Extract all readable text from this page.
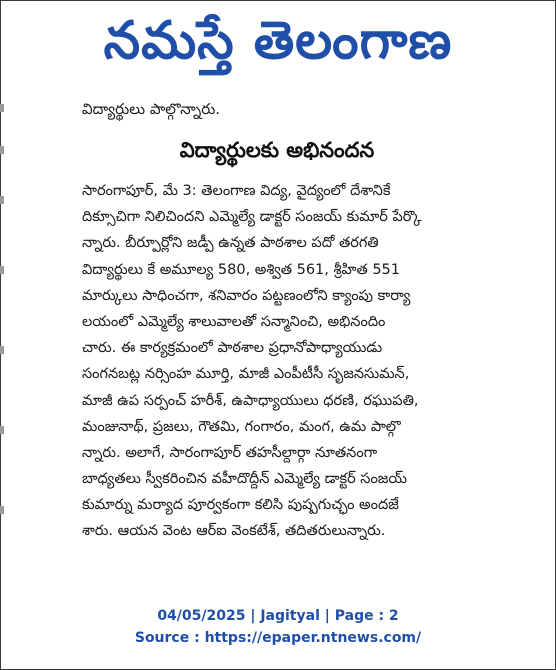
నమస్తే తెలంగాణ
విద్యార్థులు పాల్గొన్నారు.
విద్యార్థులకు అభినందన
సారంగాపూర్, మే 3: తెలంగాణ విద్య, వైద్యంలో దేశానికే
దిక్సూచిగా నిలిచిందని ఎమ్మెల్యే డాక్టర్ సంజయ్ కుమార్ పేర్కొ
న్నారు. బీర్పూర్లోని జడ్పీ ఉన్నత పాఠశాల పదో తరగతి
విద్యార్థులు కే అమూల్య 580, అశ్విత 561, శ్రీహిత 551
మార్కులు సాధించగా, శనివారం పట్టణంలోని క్యాంపు కార్యా
లయంలో ఎమ్మెల్యే శాలువాలతో సన్మానించి, అభినందిం
చారు. ఈ కార్యక్రమంలో పాఠశాల ప్రధానోపాధ్యాయుడు
సంగనబట్ల నర్సింహ మూర్తి, మాజీ ఎంపీటీసీ సృజనసుమన్,
మాజీ ఉప సర్పంచ్ హరీశ్, ఉపాధ్యాయులు ధరణి, రఘుపతి,
మంజునాథ్, ప్రజలు, గౌతమి, గంగారం, మంగ, ఉమ పాల్గొ
న్నారు. అలాగే, సారంగాపూర్ తహసీల్దార్గా నూతనంగా
బాధ్యతలు స్వీకరించిన వహీదొద్దీన్ ఎమ్మెల్యే డాక్టర్ సంజయ్
కుమార్ను మర్యాద పూర్వకంగా కలిసి పుష్పగుచ్ఛం అందజే
శారు. ఆయన వెంట ఆర్ఐ వెంకటేశ్, తదితరులున్నారు.
04/05/2025 | Jagityal | Page : 2
Source : https://epaper.ntnews.com/
